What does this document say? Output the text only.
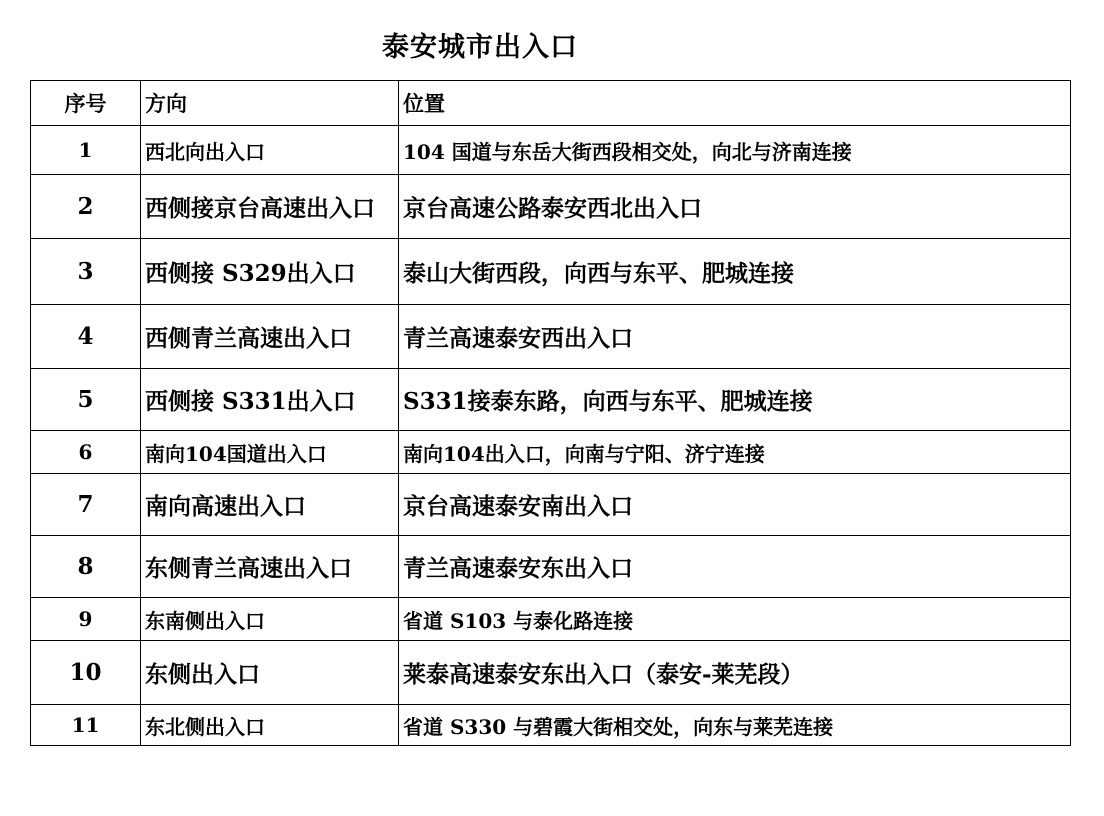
泰安城市出入口
序号	方向	位置
1	西北向出入口	104 国道与东岳大街西段相交处，向北与济南连接
2	西侧接京台高速出入口	京台高速公路泰安西北出入口
3	西侧接 S329出入口	泰山大街西段，向西与东平、肥城连接
4	西侧青兰高速出入口	青兰高速泰安西出入口
5	西侧接 S331出入口	S331接泰东路，向西与东平、肥城连接
6	南向104国道出入口	南向104出入口，向南与宁阳、济宁连接
7	南向高速出入口	京台高速泰安南出入口
8	东侧青兰高速出入口	青兰高速泰安东出入口
9	东南侧出入口	省道 S103 与泰化路连接
10	东侧出入口	莱泰高速泰安东出入口（泰安-莱芜段）
11	东北侧出入口	省道 S330 与碧霞大街相交处，向东与莱芜连接
